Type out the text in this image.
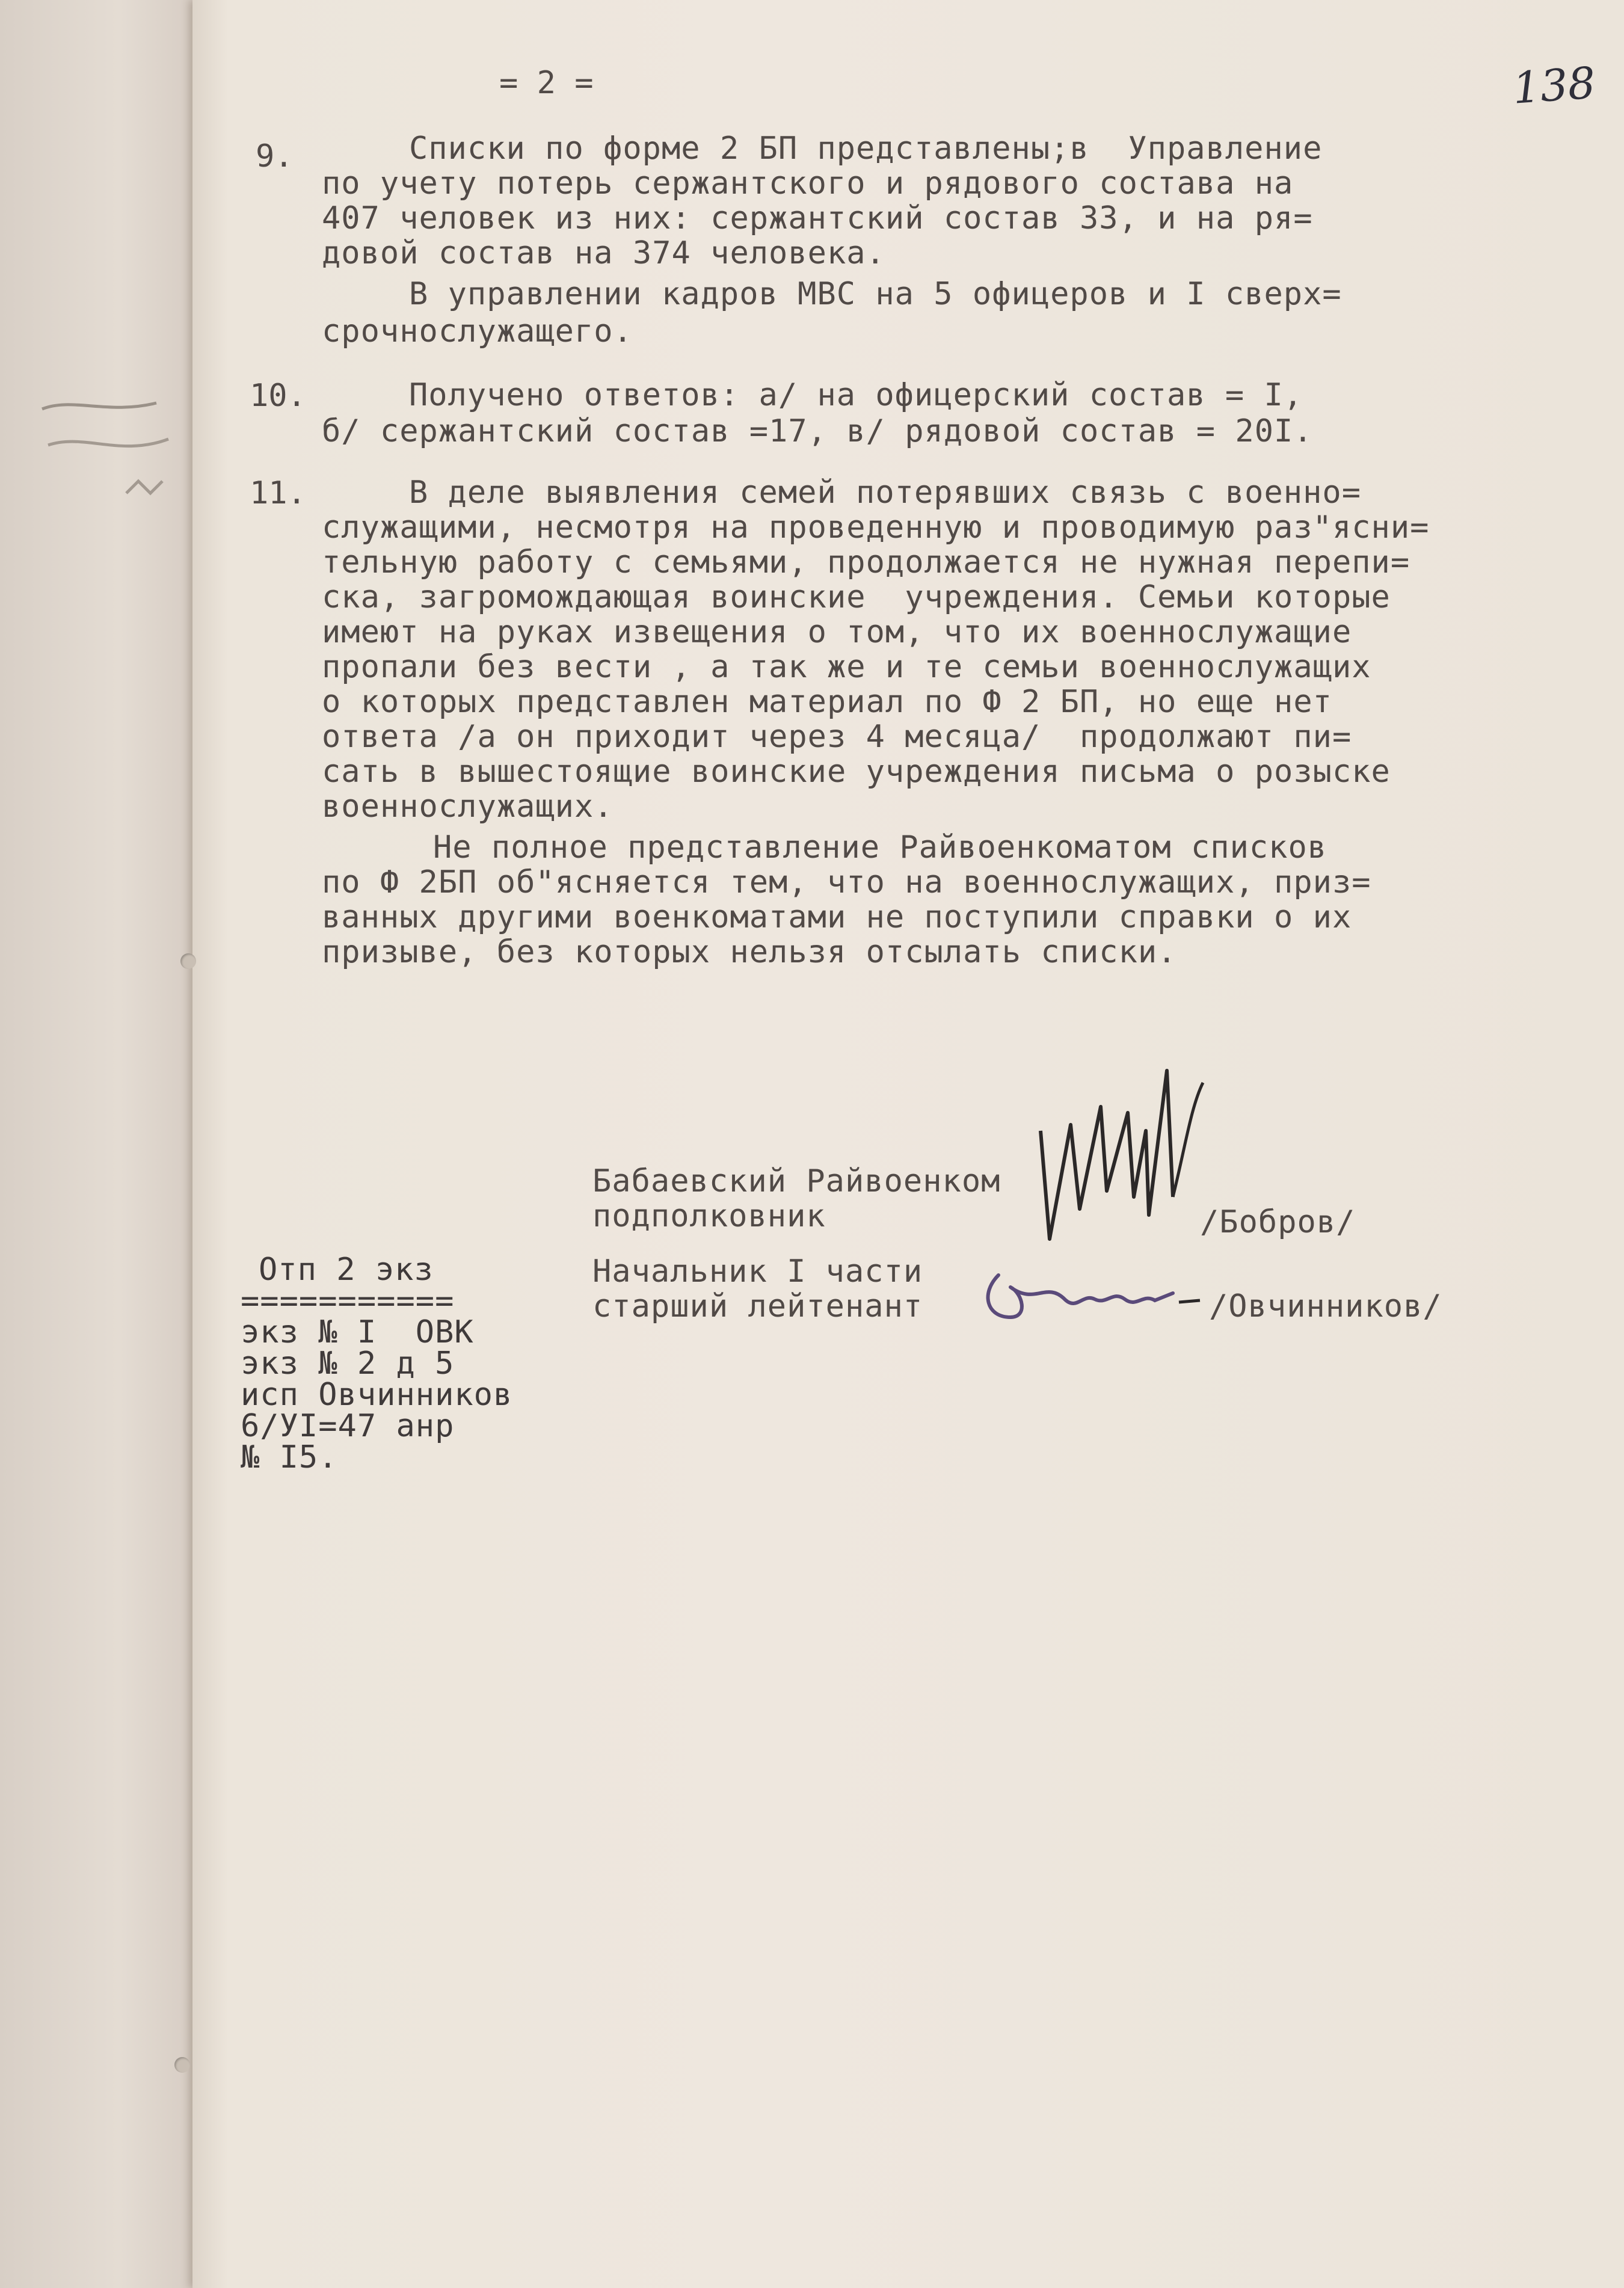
= 2 =	138
9.	Списки по форме 2 БП представлены;в  Управление
по учету потерь сержантского и рядового состава на
407 человек из них: сержантский состав 33, и на ря=
довой состав на 374 человека.
В управлении кадров МВС на 5 офицеров и I сверх=
срочнослужащего.
10.	Получено ответов: а/ на офицерский состав = I,
б/ сержантский состав =17, в/ рядовой состав = 20I.
11.	В деле выявления семей потерявших связь с военно=
служащими, несмотря на проведенную и проводимую раз"ясни=
тельную работу с семьями, продолжается не нужная перепи=
ска, загромождающая воинские  учреждения. Семьи которые
имеют на руках извещения о том, что их военнослужащие
пропали без вести , а так же и те семьи военнослужащих
о которых представлен материал по Ф 2 БП, но еще нет
ответа /а он приходит через 4 месяца/  продолжают пи=
сать в вышестоящие воинские учреждения письма о розыске
военнослужащих.
Не полное представление Райвоенкоматом списков
по Ф 2БП об"ясняется тем, что на военнослужащих, приз=
ванных другими военкоматами не поступили справки о их
призыве, без которых нельзя отсылать списки.
Бабаевский Райвоенком
подполковник	/Бобров/
Начальник I части
старший лейтенант	/Овчинников/
Отп 2 экз
===========
экз № I  ОВК
экз № 2 д 5
исп Овчинников
6/УI=47 анр
№ I5.
